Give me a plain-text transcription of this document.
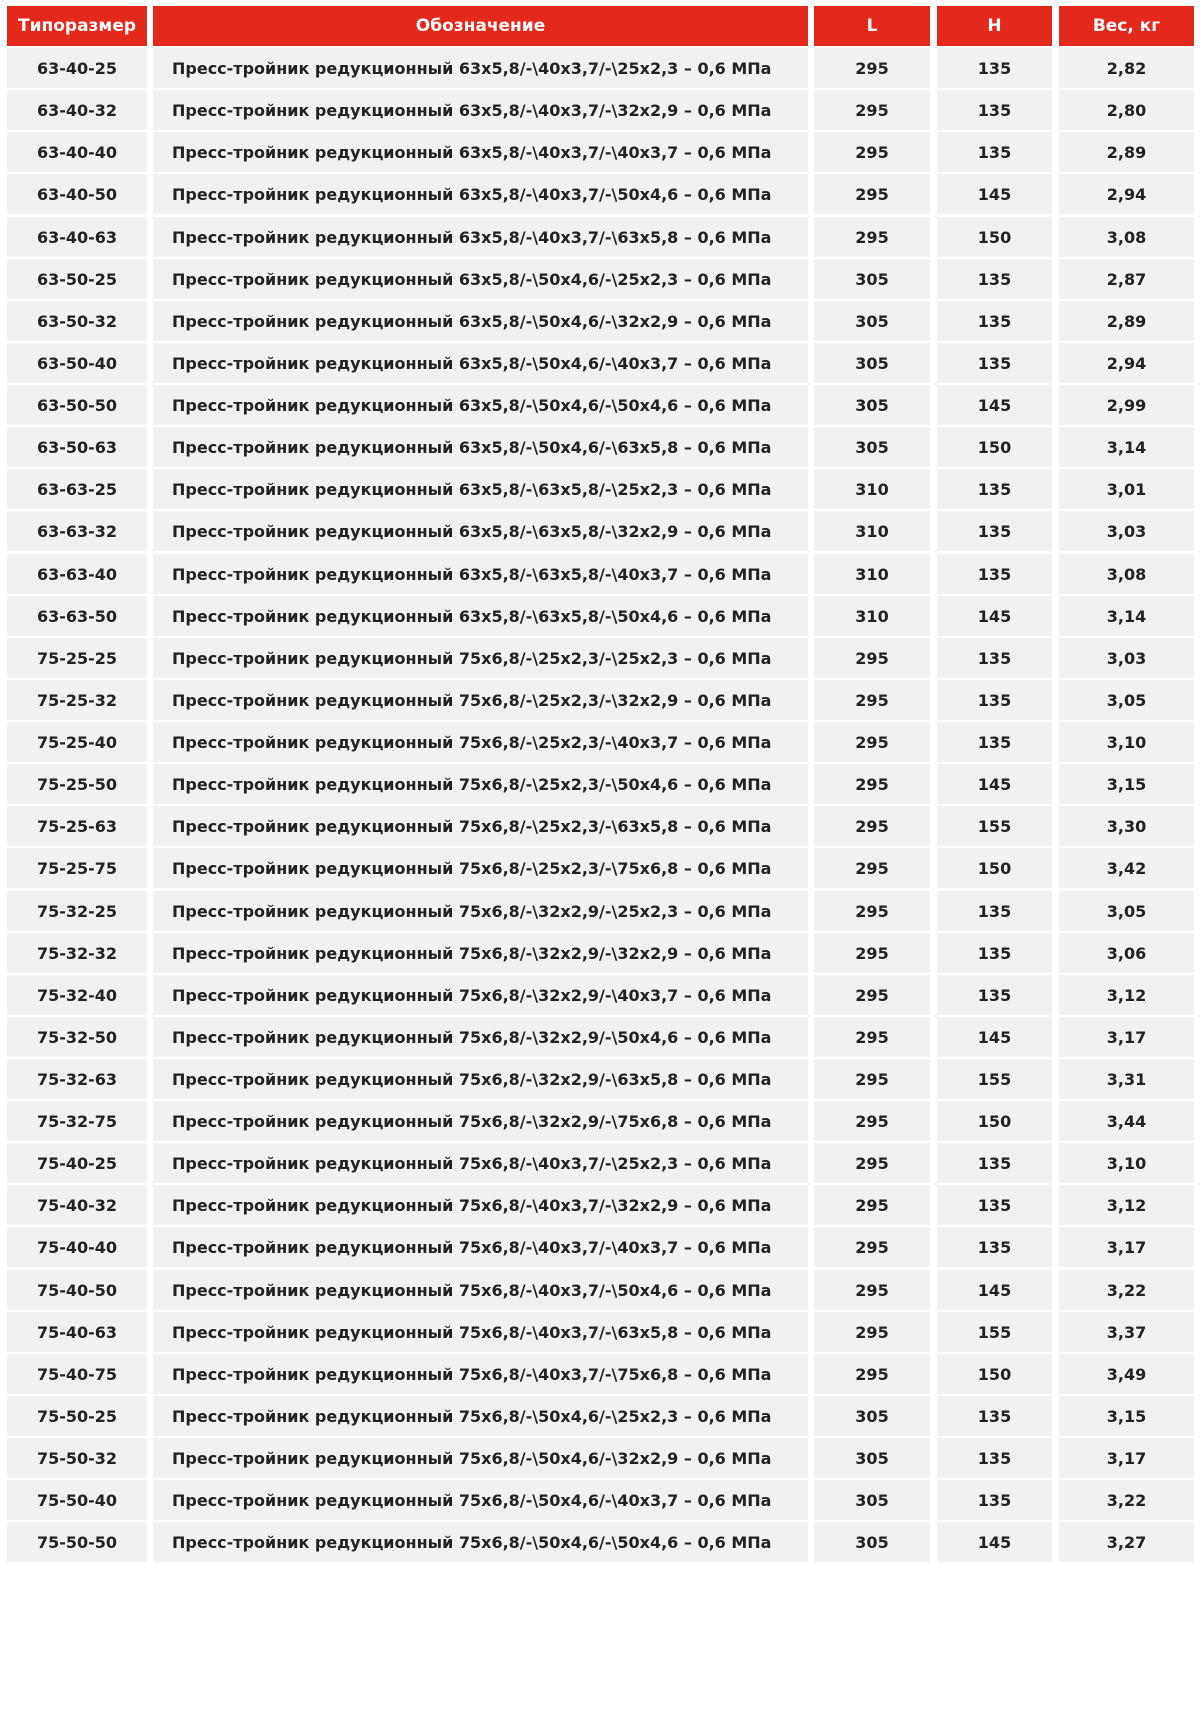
Типоразмер	Обозначение	L	H	Вес, кг
63-40-25	Пресс-тройник редукционный 63x5,8/-\40x3,7/-\25x2,3 – 0,6 МПа	295	135	2,82
63-40-32	Пресс-тройник редукционный 63x5,8/-\40x3,7/-\32x2,9 – 0,6 МПа	295	135	2,80
63-40-40	Пресс-тройник редукционный 63x5,8/-\40x3,7/-\40x3,7 – 0,6 МПа	295	135	2,89
63-40-50	Пресс-тройник редукционный 63x5,8/-\40x3,7/-\50x4,6 – 0,6 МПа	295	145	2,94
63-40-63	Пресс-тройник редукционный 63x5,8/-\40x3,7/-\63x5,8 – 0,6 МПа	295	150	3,08
63-50-25	Пресс-тройник редукционный 63x5,8/-\50x4,6/-\25x2,3 – 0,6 МПа	305	135	2,87
63-50-32	Пресс-тройник редукционный 63x5,8/-\50x4,6/-\32x2,9 – 0,6 МПа	305	135	2,89
63-50-40	Пресс-тройник редукционный 63x5,8/-\50x4,6/-\40x3,7 – 0,6 МПа	305	135	2,94
63-50-50	Пресс-тройник редукционный 63x5,8/-\50x4,6/-\50x4,6 – 0,6 МПа	305	145	2,99
63-50-63	Пресс-тройник редукционный 63x5,8/-\50x4,6/-\63x5,8 – 0,6 МПа	305	150	3,14
63-63-25	Пресс-тройник редукционный 63x5,8/-\63x5,8/-\25x2,3 – 0,6 МПа	310	135	3,01
63-63-32	Пресс-тройник редукционный 63x5,8/-\63x5,8/-\32x2,9 – 0,6 МПа	310	135	3,03
63-63-40	Пресс-тройник редукционный 63x5,8/-\63x5,8/-\40x3,7 – 0,6 МПа	310	135	3,08
63-63-50	Пресс-тройник редукционный 63x5,8/-\63x5,8/-\50x4,6 – 0,6 МПа	310	145	3,14
75-25-25	Пресс-тройник редукционный 75x6,8/-\25x2,3/-\25x2,3 – 0,6 МПа	295	135	3,03
75-25-32	Пресс-тройник редукционный 75x6,8/-\25x2,3/-\32x2,9 – 0,6 МПа	295	135	3,05
75-25-40	Пресс-тройник редукционный 75x6,8/-\25x2,3/-\40x3,7 – 0,6 МПа	295	135	3,10
75-25-50	Пресс-тройник редукционный 75x6,8/-\25x2,3/-\50x4,6 – 0,6 МПа	295	145	3,15
75-25-63	Пресс-тройник редукционный 75x6,8/-\25x2,3/-\63x5,8 – 0,6 МПа	295	155	3,30
75-25-75	Пресс-тройник редукционный 75x6,8/-\25x2,3/-\75x6,8 – 0,6 МПа	295	150	3,42
75-32-25	Пресс-тройник редукционный 75x6,8/-\32x2,9/-\25x2,3 – 0,6 МПа	295	135	3,05
75-32-32	Пресс-тройник редукционный 75x6,8/-\32x2,9/-\32x2,9 – 0,6 МПа	295	135	3,06
75-32-40	Пресс-тройник редукционный 75x6,8/-\32x2,9/-\40x3,7 – 0,6 МПа	295	135	3,12
75-32-50	Пресс-тройник редукционный 75x6,8/-\32x2,9/-\50x4,6 – 0,6 МПа	295	145	3,17
75-32-63	Пресс-тройник редукционный 75x6,8/-\32x2,9/-\63x5,8 – 0,6 МПа	295	155	3,31
75-32-75	Пресс-тройник редукционный 75x6,8/-\32x2,9/-\75x6,8 – 0,6 МПа	295	150	3,44
75-40-25	Пресс-тройник редукционный 75x6,8/-\40x3,7/-\25x2,3 – 0,6 МПа	295	135	3,10
75-40-32	Пресс-тройник редукционный 75x6,8/-\40x3,7/-\32x2,9 – 0,6 МПа	295	135	3,12
75-40-40	Пресс-тройник редукционный 75x6,8/-\40x3,7/-\40x3,7 – 0,6 МПа	295	135	3,17
75-40-50	Пресс-тройник редукционный 75x6,8/-\40x3,7/-\50x4,6 – 0,6 МПа	295	145	3,22
75-40-63	Пресс-тройник редукционный 75x6,8/-\40x3,7/-\63x5,8 – 0,6 МПа	295	155	3,37
75-40-75	Пресс-тройник редукционный 75x6,8/-\40x3,7/-\75x6,8 – 0,6 МПа	295	150	3,49
75-50-25	Пресс-тройник редукционный 75x6,8/-\50x4,6/-\25x2,3 – 0,6 МПа	305	135	3,15
75-50-32	Пресс-тройник редукционный 75x6,8/-\50x4,6/-\32x2,9 – 0,6 МПа	305	135	3,17
75-50-40	Пресс-тройник редукционный 75x6,8/-\50x4,6/-\40x3,7 – 0,6 МПа	305	135	3,22
75-50-50	Пресс-тройник редукционный 75x6,8/-\50x4,6/-\50x4,6 – 0,6 МПа	305	145	3,27
